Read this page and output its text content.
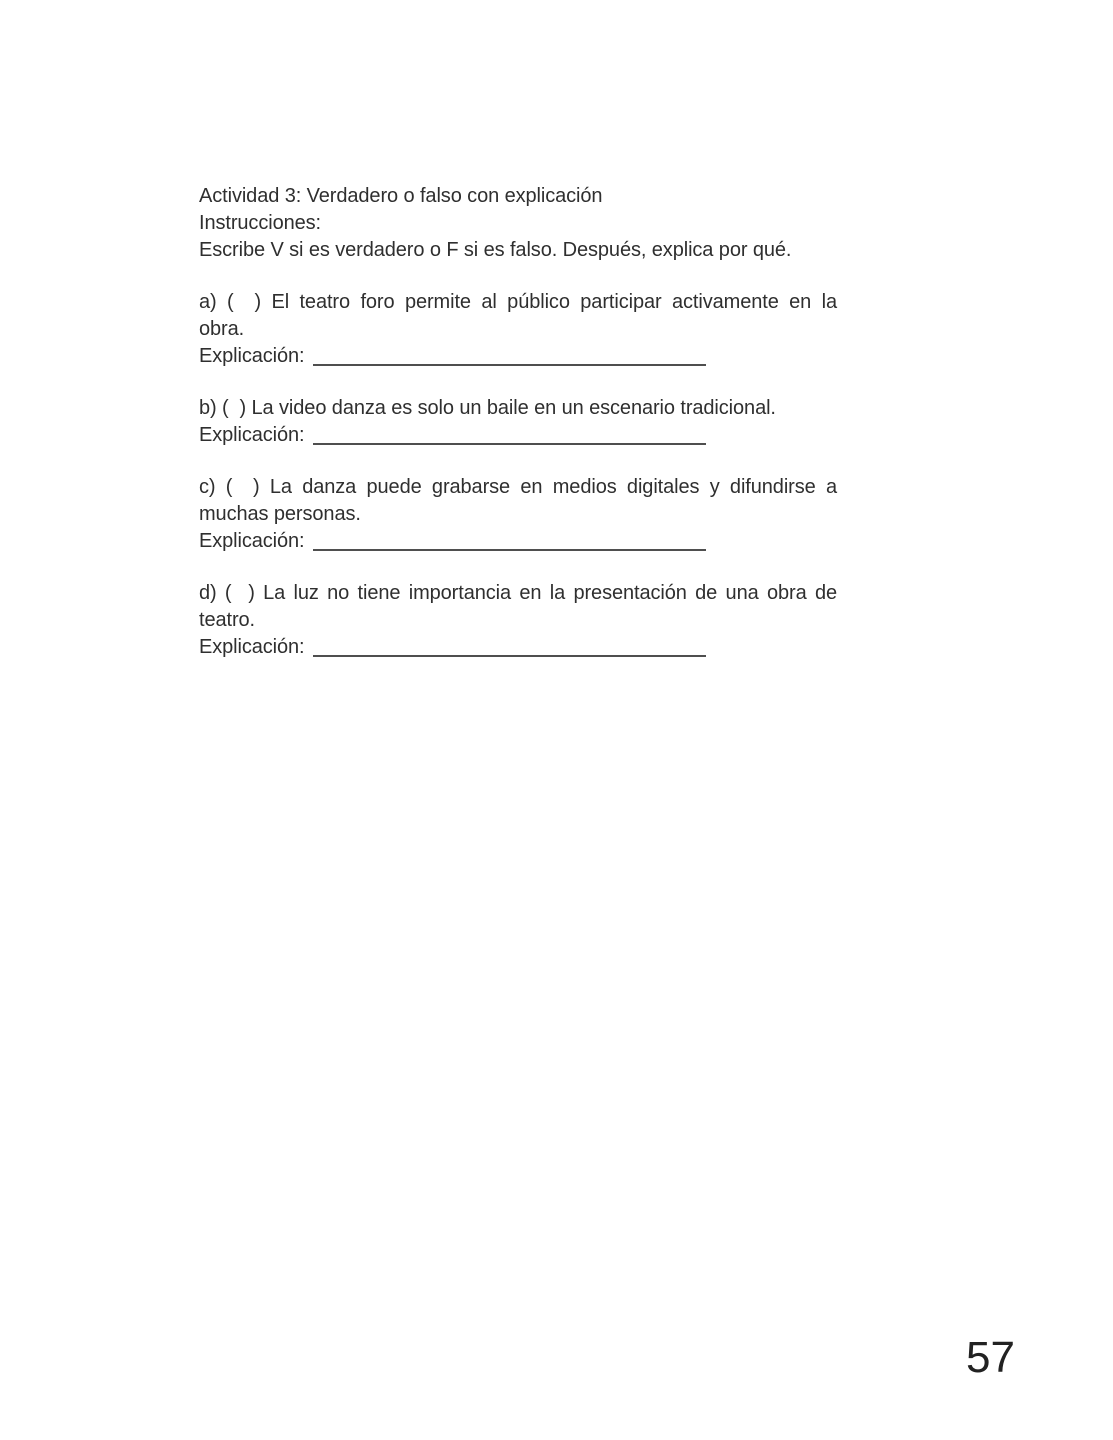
Actividad 3: Verdadero o falso con explicación
Instrucciones:
Escribe V si es verdadero o F si es falso. Después, explica por qué.
a) (  ) El teatro foro permite al público participar activamente en la
obra.
Explicación:
b) (  ) La video danza es solo un baile en un escenario tradicional.
Explicación:
c) (  ) La danza puede grabarse en medios digitales y difundirse a
muchas personas.
Explicación:
d) (  ) La luz no tiene importancia en la presentación de una obra de
teatro.
Explicación:
57
